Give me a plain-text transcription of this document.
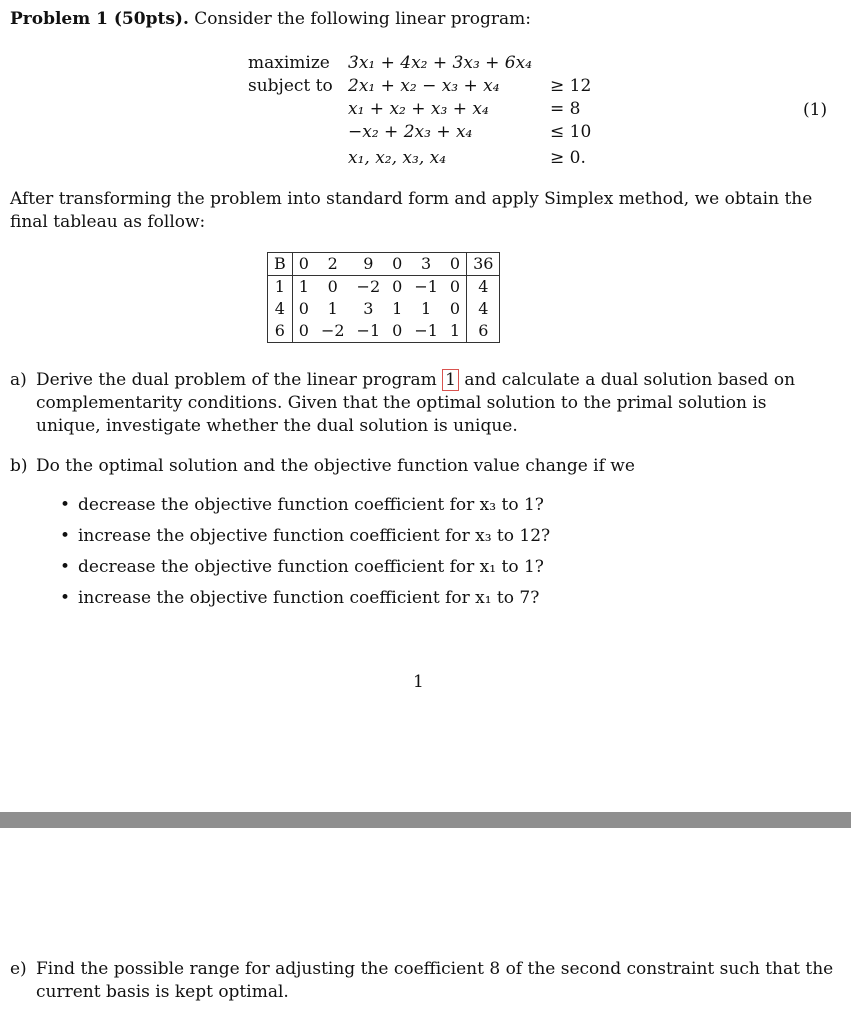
Problem 1 (50pts). Consider the following linear program:
maximize 3x₁ + 4x₂ + 3x₃ + 6x₄
subject to 2x₁ + x₂ − x₃ + x₄	≥ 12
x₁ + x₂ + x₃ + x₄	= 8
−x₂ + 2x₃ + x₄	≤ 10
x₁, x₂, x₃, x₄	≥ 0.
(1)
After transforming the problem into standard form and apply Simplex method, we obtain the final tableau as follow:
B	0	2	9	0	3	0	36
1	1	0	−2	0	−1	0	4
4	0	1	3	1	1	0	4
6	0	−2	−1	0	−1	1	6
a) Derive the dual problem of the linear program 1 and calculate a dual solution based on complementarity conditions. Given that the optimal solution to the primal solution is unique, investigate whether the dual solution is unique.
b) Do the optimal solution and the objective function value change if we
• decrease the objective function coefficient for x₃ to 1?
• increase the objective function coefficient for x₃ to 12?
• decrease the objective function coefficient for x₁ to 1?
• increase the objective function coefficient for x₁ to 7?
1
e) Find the possible range for adjusting the coefficient 8 of the second constraint such that the current basis is kept optimal.
